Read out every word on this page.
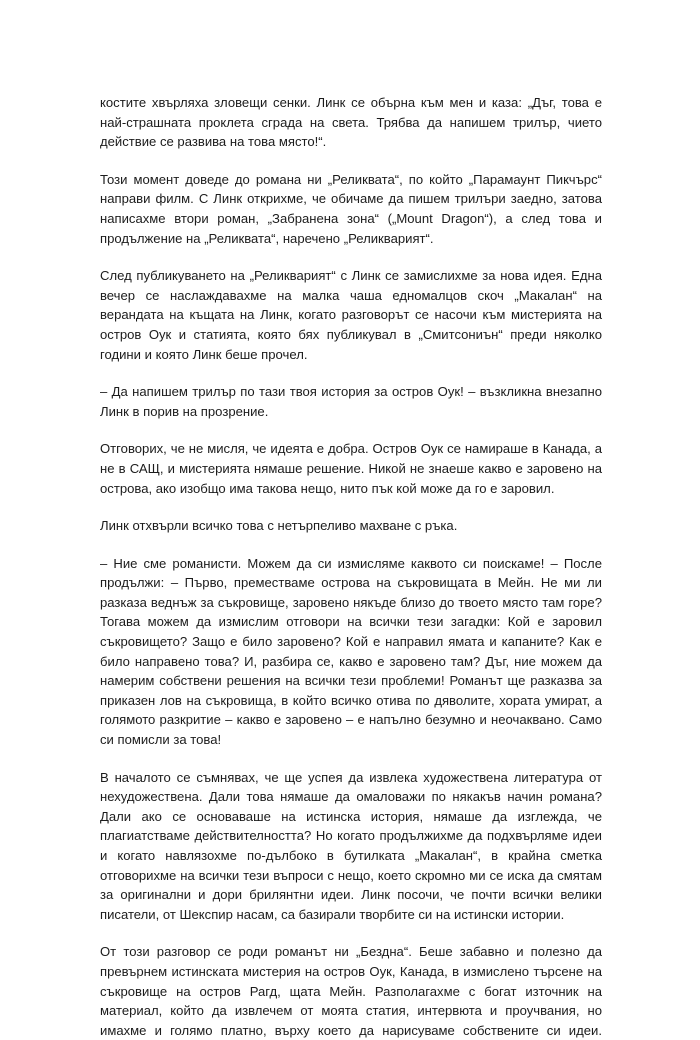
костите хвърляха зловещи сенки. Линк се обърна към мен и каза: „Дъг, това е най-страшната проклета сграда на света. Трябва да напишем трилър, чието действие се развива на това място!“.

Този момент доведе до романа ни „Реликвата“, по който „Парамаунт Пикчърс“ направи филм. С Линк открихме, че обичаме да пишем трилъри заедно, затова написахме втори роман, „Забранена зона“ („Mount Dragon“), а след това и продължение на „Реликвата“, наречено „Реликварият“.

След публикуването на „Реликварият“ с Линк се замислихме за нова идея. Една вечер се наслаждавахме на малка чаша едномалцов скоч „Макалан“ на верандата на къщата на Линк, когато разговорът се насочи към мистерията на остров Оук и статията, която бях публикувал в „Смитсониън“ преди няколко години и която Линк беше прочел.

– Да напишем трилър по тази твоя история за остров Оук! – възкликна внезапно Линк в порив на прозрение.

Отговорих, че не мисля, че идеята е добра. Остров Оук се намираше в Канада, а не в САЩ, и мистерията нямаше решение. Никой не знаеше какво е заровено на острова, ако изобщо има такова нещо, нито пък кой може да го е заровил.

Линк отхвърли всичко това с нетърпеливо махване с ръка.

– Ние сме романисти. Можем да си измисляме каквото си поискаме! – После продължи: – Първо, преместваме острова на съкровищата в Мейн. Не ми ли разказа веднъж за съкровище, заровено някъде близо до твоето място там горе? Тогава можем да измислим отговори на всички тези загадки: Кой е заровил съкровището? Защо е било заровено? Кой е направил ямата и капаните? Как е било направено това? И, разбира се, какво е заровено там? Дъг, ние можем да намерим собствени решения на всички тези проблеми! Романът ще разказва за приказен лов на съкровища, в който всичко отива по дяволите, хората умират, а голямото разкритие – какво е заровено – е напълно безумно и неочаквано. Само си помисли за това!

В началото се съмнявах, че ще успея да извлека художествена литература от нехудожествена. Дали това нямаше да омаловажи по някакъв начин романа? Дали ако се основаваше на истинска история, нямаше да изглежда, че плагиатстваме действителността? Но когато продължихме да подхвърляме идеи и когато навлязохме по-дълбоко в бутилката „Макалан“, в крайна сметка отговорихме на всички тези въпроси с нещо, което скромно ми се иска да смятам за оригинални и дори брилянтни идеи. Линк посочи, че почти всички велики писатели, от Шекспир насам, са базирали творбите си на истински истории.

От този разговор се роди романът ни „Бездна“. Беше забавно и полезно да превърнем истинската мистерия на остров Оук, Канада, в измислено търсене на съкровище на остров Рагд, щата Мейн. Разполагахме с богат източник на материал, който да извлечем от моята статия, интервюта и проучвания, но имахме и голямо платно, върху което да нарисуваме собствените си идеи.
